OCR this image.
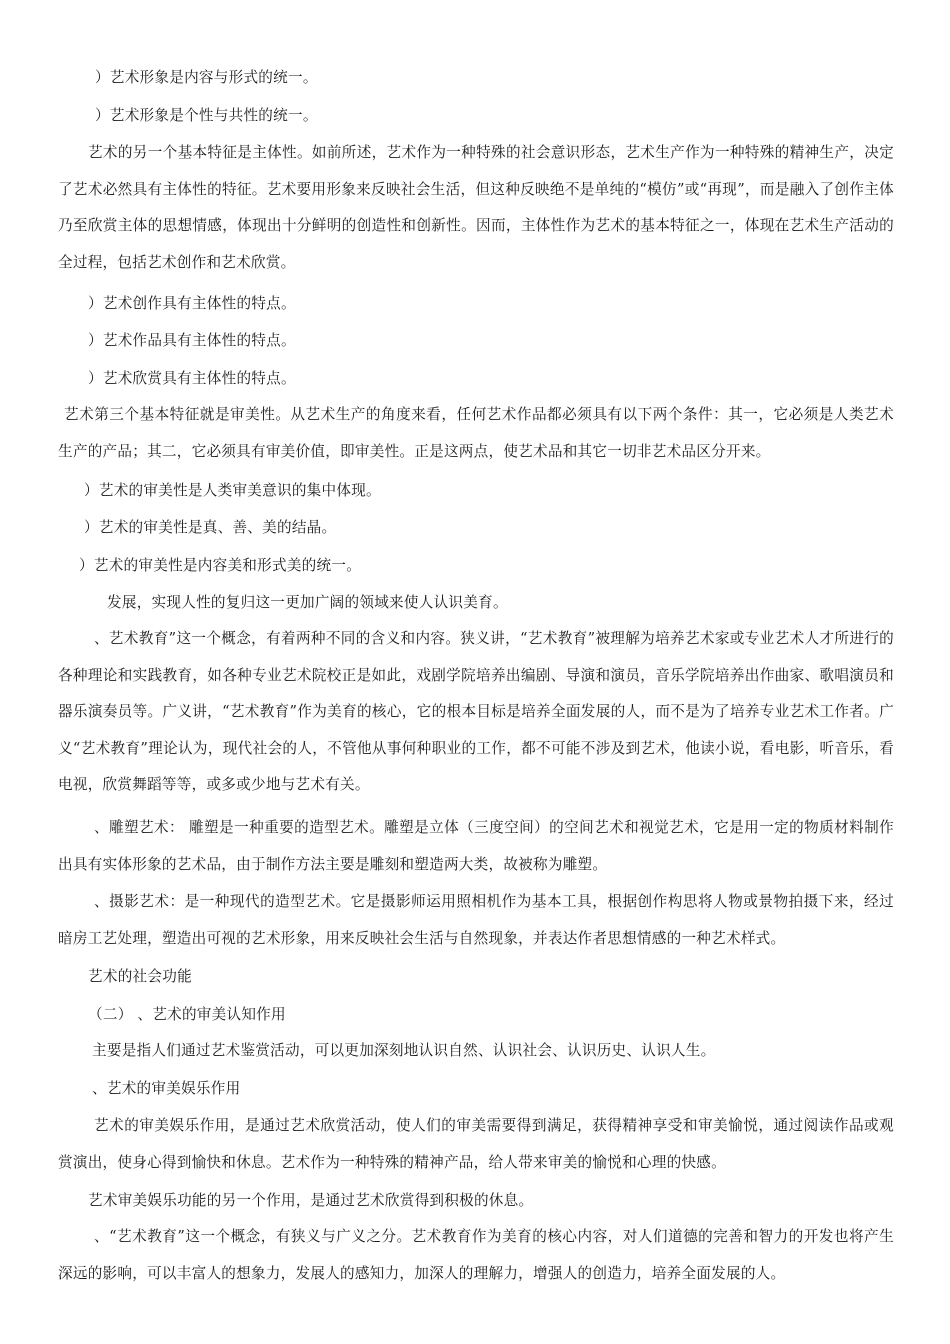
）艺术形象是内容与形式的统一。

）艺术形象是个性与共性的统一。

艺术的另一个基本特征是主体性。如前所述，艺术作为一种特殊的社会意识形态，艺术生产作为一种特殊的精神生产，决定了艺术必然具有主体性的特征。艺术要用形象来反映社会生活，但这种反映绝不是单纯的“模仿”或“再现”，而是融入了创作主体乃至欣赏主体的思想情感，体现出十分鲜明的创造性和创新性。因而，主体性作为艺术的基本特征之一，体现在艺术生产活动的全过程，包括艺术创作和艺术欣赏。

）艺术创作具有主体性的特点。

）艺术作品具有主体性的特点。

）艺术欣赏具有主体性的特点。

艺术第三个基本特征就是审美性。从艺术生产的角度来看，任何艺术作品都必须具有以下两个条件：其一，它必须是人类艺术生产的产品；其二，它必须具有审美价值，即审美性。正是这两点，使艺术品和其它一切非艺术品区分开来。

）艺术的审美性是人类审美意识的集中体现。

）艺术的审美性是真、善、美的结晶。

）艺术的审美性是内容美和形式美的统一。

发展，实现人性的复归这一更加广阔的领域来使人认识美育。

、艺术教育”这一个概念，有着两种不同的含义和内容。狭义讲，“艺术教育”被理解为培养艺术家或专业艺术人才所进行的各种理论和实践教育，如各种专业艺术院校正是如此，戏剧学院培养出编剧、导演和演员，音乐学院培养出作曲家、歌唱演员和器乐演奏员等。广义讲，“艺术教育”作为美育的核心，它的根本目标是培养全面发展的人，而不是为了培养专业艺术工作者。广义“艺术教育”理论认为，现代社会的人，不管他从事何种职业的工作，都不可能不涉及到艺术，他读小说，看电影，听音乐，看电视，欣赏舞蹈等等，或多或少地与艺术有关。

、雕塑艺术： 雕塑是一种重要的造型艺术。雕塑是立体（三度空间）的空间艺术和视觉艺术，它是用一定的物质材料制作出具有实体形象的艺术品，由于制作方法主要是雕刻和塑造两大类，故被称为雕塑。

、摄影艺术：是一种现代的造型艺术。它是摄影师运用照相机作为基本工具，根据创作构思将人物或景物拍摄下来，经过暗房工艺处理，塑造出可视的艺术形象，用来反映社会生活与自然现象，并表达作者思想情感的一种艺术样式。

艺术的社会功能

（二） 、艺术的审美认知作用

主要是指人们通过艺术鉴赏活动，可以更加深刻地认识自然、认识社会、认识历史、认识人生。

、艺术的审美娱乐作用

艺术的审美娱乐作用，是通过艺术欣赏活动，使人们的审美需要得到满足，获得精神享受和审美愉悦，通过阅读作品或观赏演出，使身心得到愉快和休息。艺术作为一种特殊的精神产品，给人带来审美的愉悦和心理的快感。

艺术审美娱乐功能的另一个作用，是通过艺术欣赏得到积极的休息。

、“艺术教育”这一个概念，有狭义与广义之分。艺术教育作为美育的核心内容，对人们道德的完善和智力的开发也将产生深远的影响，可以丰富人的想象力，发展人的感知力，加深人的理解力，增强人的创造力，培养全面发展的人。
